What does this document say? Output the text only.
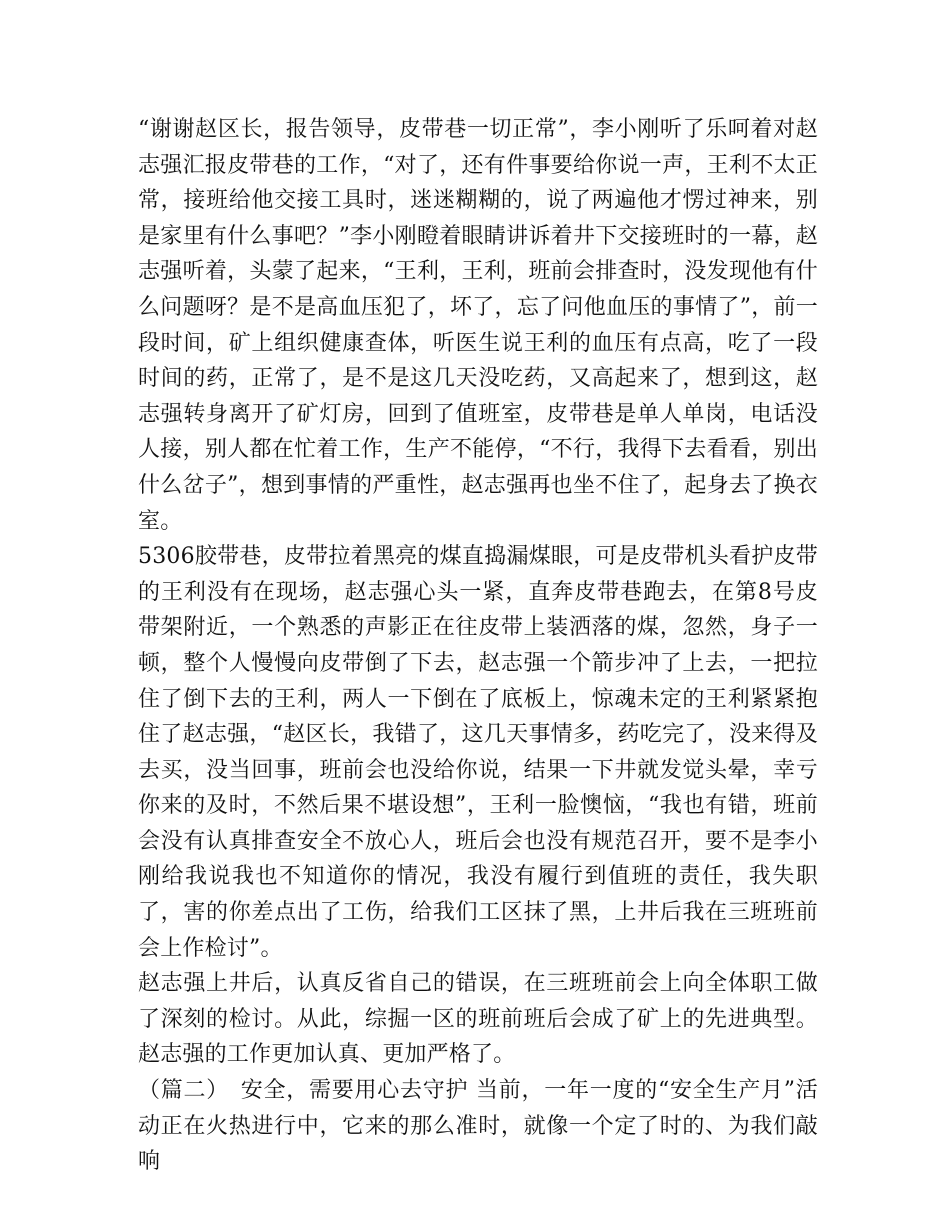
“谢谢赵区长，报告领导，皮带巷一切正常”，李小刚听了乐呵着对赵志强汇报皮带巷的工作，“对了，还有件事要给你说一声，王利不太正常，接班给他交接工具时，迷迷糊糊的，说了两遍他才愣过神来，别是家里有什么事吧？”李小刚瞪着眼睛讲诉着井下交接班时的一幕，赵志强听着，头蒙了起来，“王利，王利，班前会排查时，没发现他有什么问题呀？是不是高血压犯了，坏了，忘了问他血压的事情了”，前一段时间，矿上组织健康查体，听医生说王利的血压有点高，吃了一段时间的药，正常了，是不是这几天没吃药，又高起来了，想到这，赵志强转身离开了矿灯房，回到了值班室，皮带巷是单人单岗，电话没人接，别人都在忙着工作，生产不能停，“不行，我得下去看看，别出什么岔子”，想到事情的严重性，赵志强再也坐不住了，起身去了换衣室。

5306胶带巷，皮带拉着黑亮的煤直捣漏煤眼，可是皮带机头看护皮带的王利没有在现场，赵志强心头一紧，直奔皮带巷跑去，在第8号皮带架附近，一个熟悉的声影正在往皮带上装洒落的煤，忽然，身子一顿，整个人慢慢向皮带倒了下去，赵志强一个箭步冲了上去，一把拉住了倒下去的王利，两人一下倒在了底板上，惊魂未定的王利紧紧抱住了赵志强，“赵区长，我错了，这几天事情多，药吃完了，没来得及去买，没当回事，班前会也没给你说，结果一下井就发觉头晕，幸亏你来的及时，不然后果不堪设想”，王利一脸懊恼，“我也有错，班前会没有认真排查安全不放心人，班后会也没有规范召开，要不是李小刚给我说我也不知道你的情况，我没有履行到值班的责任，我失职了，害的你差点出了工伤，给我们工区抹了黑，上井后我在三班班前会上作检讨”。

赵志强上井后，认真反省自己的错误，在三班班前会上向全体职工做了深刻的检讨。从此，综掘一区的班前班后会成了矿上的先进典型。赵志强的工作更加认真、更加严格了。

（篇二）　安全，需要用心去守护 当前，一年一度的“安全生产月”活动正在火热进行中，它来的那么准时，就像一个定了时的、为我们敲响
